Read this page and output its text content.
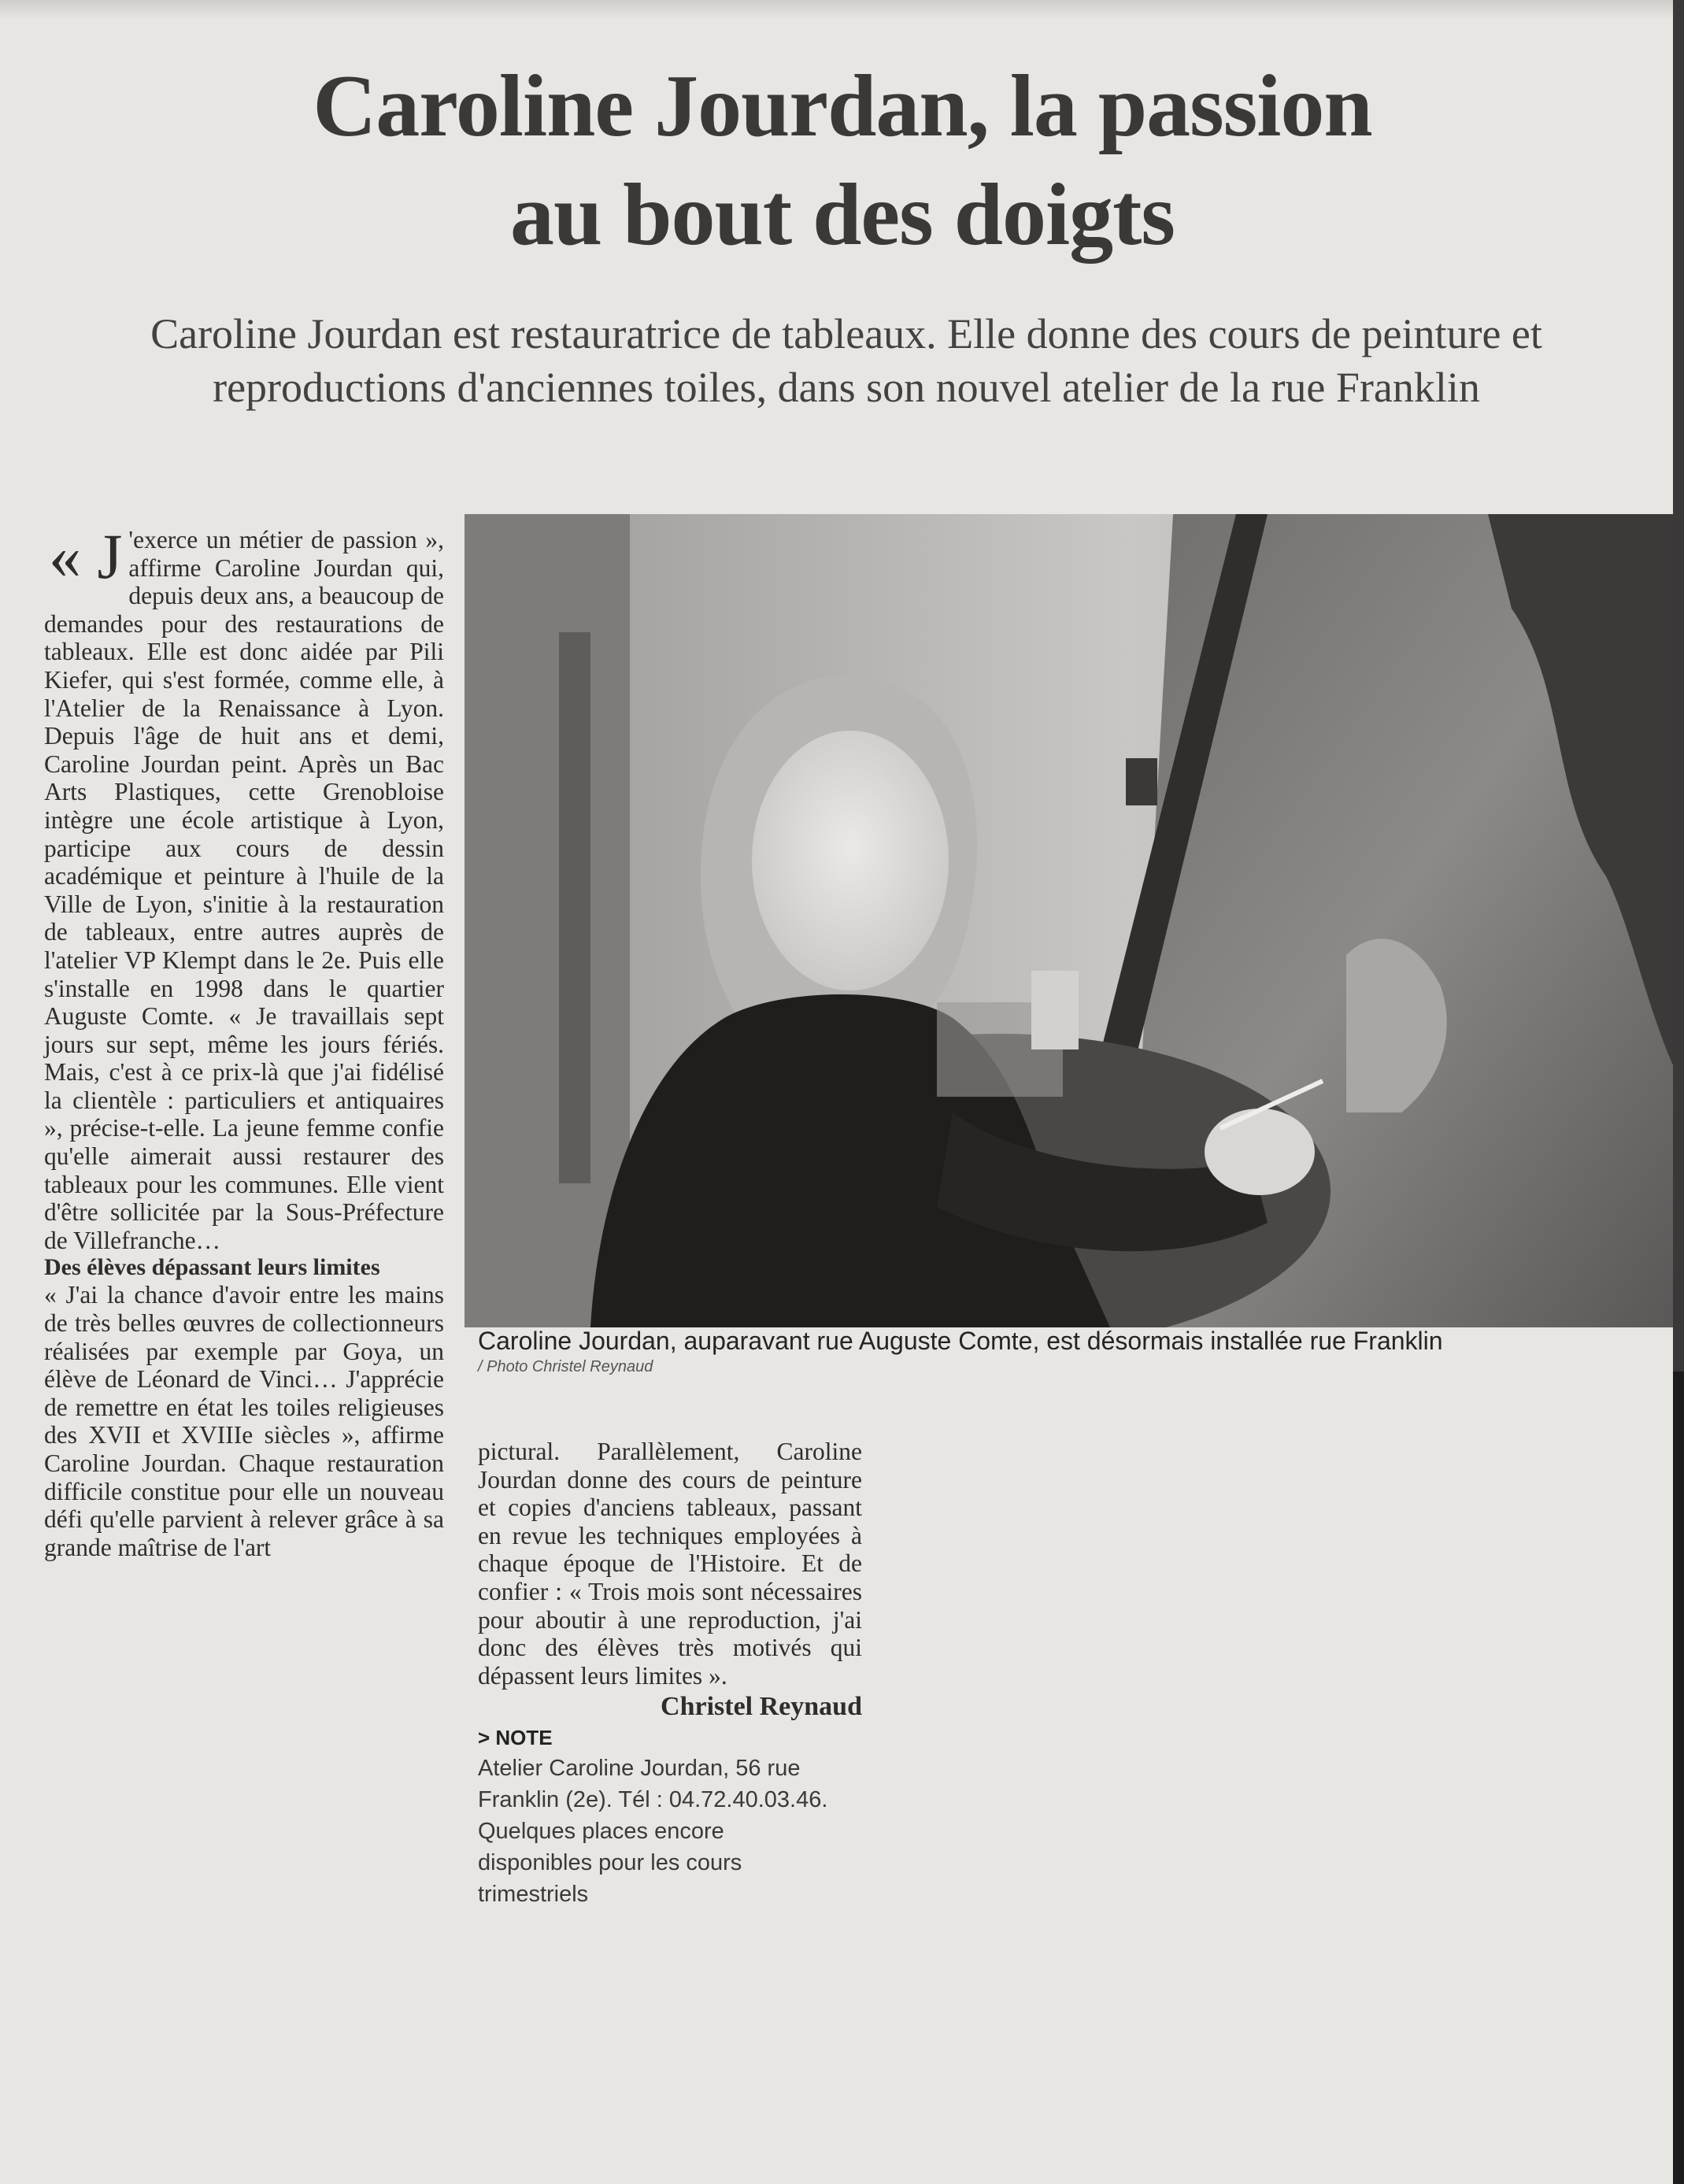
Caroline Jourdan, la passion
au bout des doigts

Caroline Jourdan est restauratrice de tableaux. Elle donne des cours de peinture et reproductions d'anciennes toiles, dans son nouvel atelier de la rue Franklin

« J 'exerce un métier de passion », affirme Caroline Jourdan qui, depuis deux ans, a beaucoup de demandes pour des restaurations de tableaux. Elle est donc aidée par Pili Kiefer, qui s'est formée, comme elle, à l'Atelier de la Renaissance à Lyon. Depuis l'âge de huit ans et demi, Caroline Jourdan peint. Après un Bac Arts Plastiques, cette Grenobloise intègre une école artistique à Lyon, participe aux cours de dessin académique et peinture à l'huile de la Ville de Lyon, s'initie à la restauration de tableaux, entre autres auprès de l'atelier VP Klempt dans le 2e. Puis elle s'installe en 1998 dans le quartier Auguste Comte. « Je travaillais sept jours sur sept, même les jours fériés. Mais, c'est à ce prix-là que j'ai fidélisé la clientèle : particuliers et antiquaires », précise-t-elle. La jeune femme confie qu'elle aimerait aussi restaurer des tableaux pour les communes. Elle vient d'être sollicitée par la Sous-Préfecture de Villefranche…

Des élèves dépassant leurs limites

« J'ai la chance d'avoir entre les mains de très belles œuvres de collectionneurs réalisées par exemple par Goya, un élève de Léonard de Vinci… J'apprécie de remettre en état les toiles religieuses des XVII et XVIIIe siècles », affirme Caroline Jourdan. Chaque restauration difficile constitue pour elle un nouveau défi qu'elle parvient à relever grâce à sa grande maîtrise de l'art

Caroline Jourdan, auparavant rue Auguste Comte, est désormais installée rue Franklin

/ Photo Christel Reynaud

pictural. Parallèlement, Caroline Jourdan donne des cours de peinture et copies d'anciens tableaux, passant en revue les techniques employées à chaque époque de l'Histoire. Et de confier : « Trois mois sont nécessaires pour aboutir à une reproduction, j'ai donc des élèves très motivés qui dépassent leurs limites ».

Christel Reynaud

> NOTE

Atelier Caroline Jourdan, 56 rue Franklin (2e). Tél : 04.72.40.03.46. Quelques places encore disponibles pour les cours trimestriels
